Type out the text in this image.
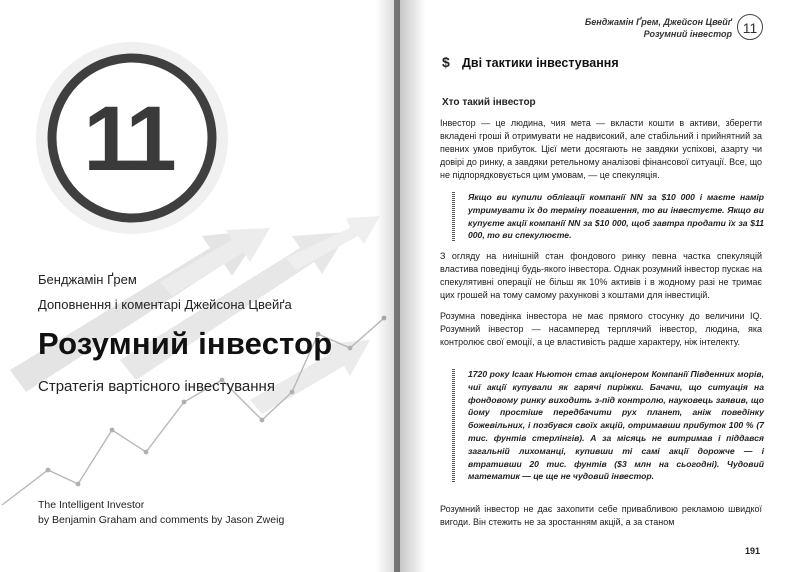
11
Бенджамін Ґрем
Доповнення і коментарі Джейсона Цвейґа
Розумний інвестор
Стратегія вартісного інвестування
The Intelligent Investor
by Benjamin Graham and comments by Jason Zweig
Бенджамін Ґрем, Джейсон Цвейґ
Розумний інвестор 11
$ Дві тактики інвестування
Хто такий інвестор
Інвестор — це людина, чия мета — вкласти кошти в активи, зберегти вкладені гроші й отримувати не надвисокий, але стабільний і прийнятний за певних умов прибуток. Цієї мети досягають не завдяки успіхові, азарту чи довірі до ринку, а завдяки ретельному аналізові фінансової ситуації. Все, що не підпорядковується цим умовам, — це спекуляція.
Якщо ви купили облігації компанії NN за $10 000 і маєте намір утримувати їх до терміну погашення, то ви інвестуєте. Якщо ви купуєте акції компанії NN за $10 000, щоб завтра продати їх за $11 000, то ви спекулюєте.
З огляду на нинішній стан фондового ринку певна частка спекуляцій властива поведінці будь-якого інвестора. Однак розумний інвестор пускає на спекулятивні операції не більш як 10% активів і в жодному разі не тримає цих грошей на тому самому рахункові з коштами для інвестицій.
Розумна поведінка інвестора не має прямого стосунку до величини IQ. Розумний інвестор — насамперед терплячий інвестор, людина, яка контролює свої емоції, а це властивість радше характеру, ніж інтелекту.
1720 року Ісаак Ньютон став акціонером Компанії Південних морів, чиї акції купували як гарячі пиріжки. Бачачи, що ситуація на фондовому ринку виходить з-під контролю, науковець заявив, що йому простіше передбачити рух планет, аніж поведінку божевільних, і позбувся своїх акцій, отримавши прибуток 100 % (7 тис. фунтів стерлінгів). А за місяць не витримав і піддався загальній лихоманці, купивши ті самі акції дорожче — і втративши 20 тис. фунтів ($3 млн на сьогодні). Чудовий математик — це ще не чудовий інвестор.
Розумний інвестор не дає захопити себе привабливою рекламою швидкої вигоди. Він стежить не за зростанням акцій, а за станом
191
